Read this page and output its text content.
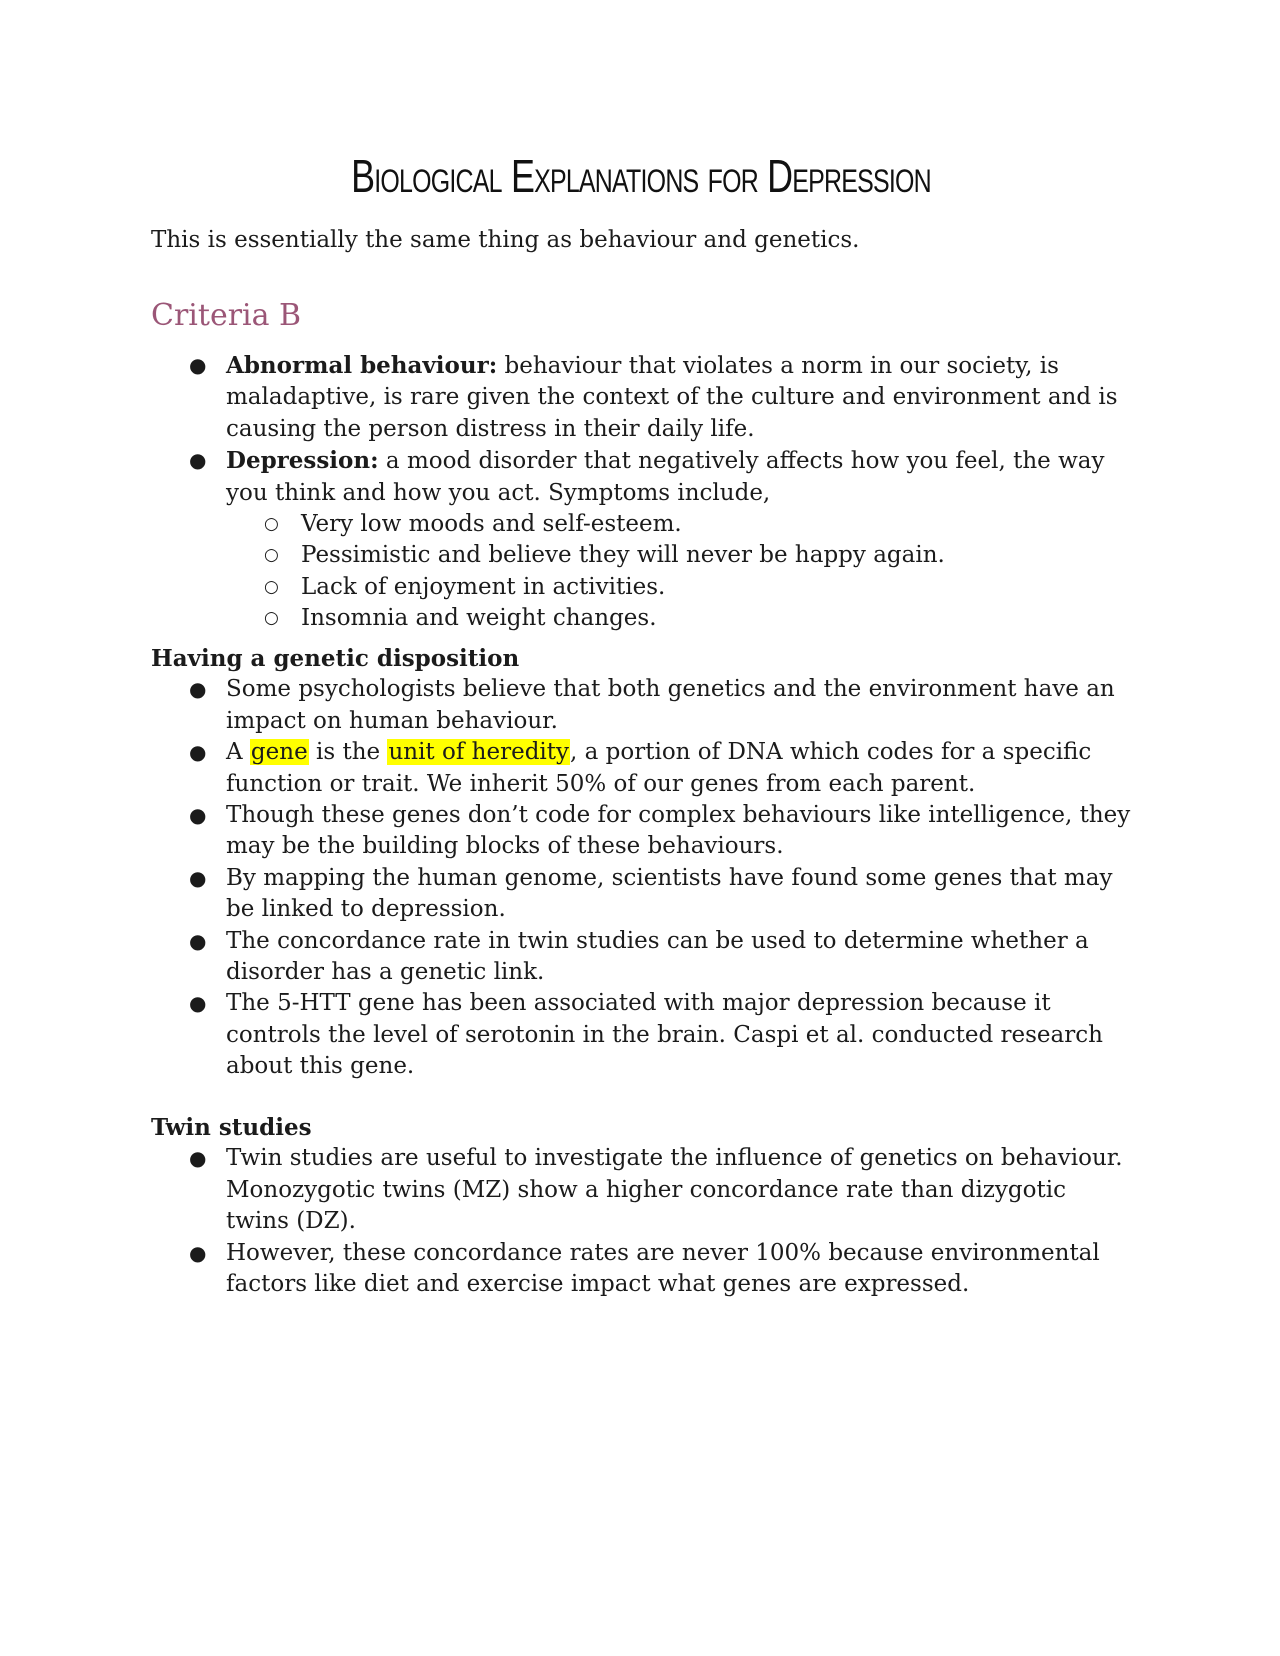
Biological Explanations for Depression

This is essentially the same thing as behaviour and genetics.

Criteria B
● Abnormal behaviour: behaviour that violates a norm in our society, is maladaptive, is rare given the context of the culture and environment and is causing the person distress in their daily life.
● Depression: a mood disorder that negatively affects how you feel, the way you think and how you act. Symptoms include,
○ Very low moods and self-esteem.
○ Pessimistic and believe they will never be happy again.
○ Lack of enjoyment in activities.
○ Insomnia and weight changes.

Having a genetic disposition

● Some psychologists believe that both genetics and the environment have an impact on human behaviour.
● A gene is the unit of heredity, a portion of DNA which codes for a specific function or trait. We inherit 50% of our genes from each parent.
● Though these genes don’t code for complex behaviours like intelligence, they may be the building blocks of these behaviours.
● By mapping the human genome, scientists have found some genes that may be linked to depression.
● The concordance rate in twin studies can be used to determine whether a disorder has a genetic link.
● The 5-HTT gene has been associated with major depression because it controls the level of serotonin in the brain. Caspi et al. conducted research about this gene.

Twin studies

● Twin studies are useful to investigate the influence of genetics on behaviour. Monozygotic twins (MZ) show a higher concordance rate than dizygotic twins (DZ).
● However, these concordance rates are never 100% because environmental factors like diet and exercise impact what genes are expressed.
